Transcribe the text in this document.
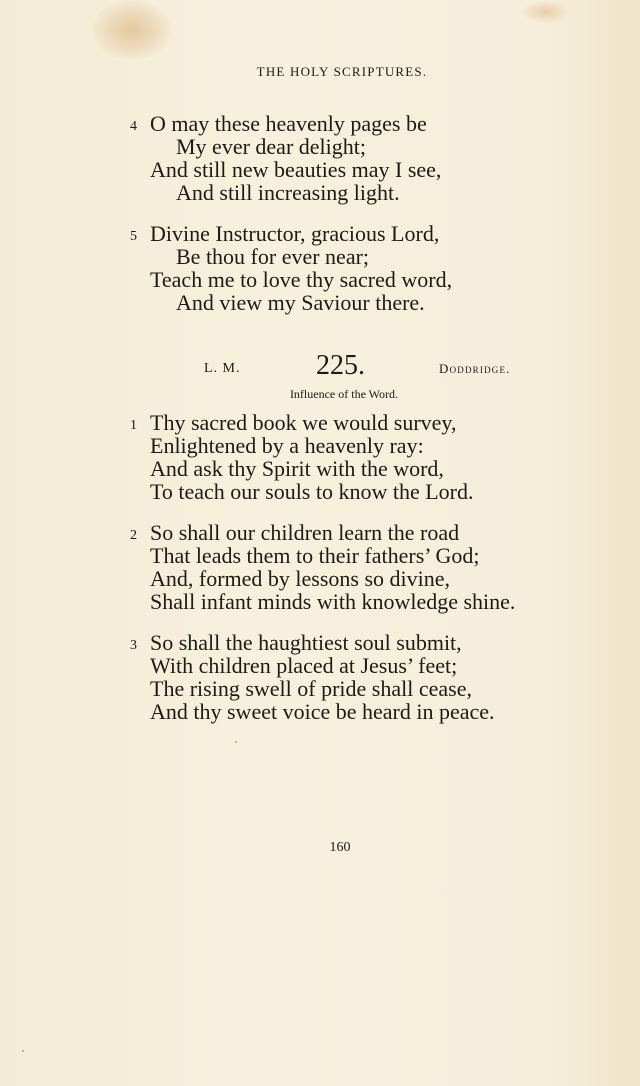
THE HOLY SCRIPTURES.
4 O may these heavenly pages be
My ever dear delight;
And still new beauties may I see,
And still increasing light.
5 Divine Instructor, gracious Lord,
Be thou for ever near;
Teach me to love thy sacred word,
And view my Saviour there.
L. M.	225.	Doddridge.
Influence of the Word.
1 Thy sacred book we would survey,
Enlightened by a heavenly ray:
And ask thy Spirit with the word,
To teach our souls to know the Lord.
2 So shall our children learn the road
That leads them to their fathers’ God;
And, formed by lessons so divine,
Shall infant minds with knowledge shine.
3 So shall the haughtiest soul submit,
With children placed at Jesus’ feet;
The rising swell of pride shall cease,
And thy sweet voice be heard in peace.
160
